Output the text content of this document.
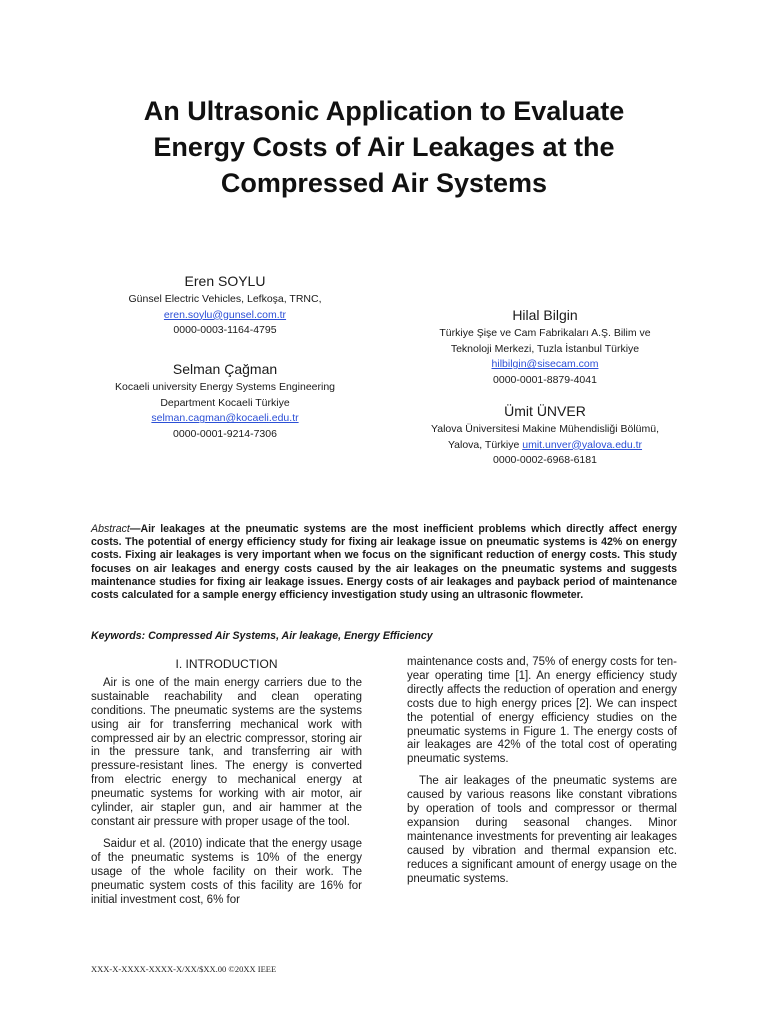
An Ultrasonic Application to Evaluate
Energy Costs of Air Leakages at the
Compressed Air Systems
Eren SOYLU
Günsel Electric Vehicles, Lefkoşa, TRNC,
eren.soylu@gunsel.com.tr
0000-0003-1164-4795
Selman Çağman
Kocaeli university Energy Systems Engineering
Department Kocaeli Türkiye
selman.cagman@kocaeli.edu.tr
0000-0001-9214-7306
Hilal Bilgin
Türkiye Şişe ve Cam Fabrikaları A.Ş. Bilim ve
Teknoloji Merkezi, Tuzla İstanbul Türkiye
hilbilgin@sisecam.com
0000-0001-8879-4041
Ümit ÜNVER
Yalova Üniversitesi Makine Mühendisliği Bölümü,
Yalova, Türkiye umit.unver@yalova.edu.tr
0000-0002-6968-6181

Abstract—Air leakages at the pneumatic systems are the most inefficient problems which directly affect energy costs. The potential of energy efficiency study for fixing air leakage issue on pneumatic systems is 42% on energy costs. Fixing air leakages is very important when we focus on the significant reduction of energy costs. This study focuses on air leakages and energy costs caused by the air leakages on the pneumatic systems and suggests maintenance studies for fixing air leakage issues. Energy costs of air leakages and payback period of maintenance costs calculated for a sample energy efficiency investigation study using an ultrasonic flowmeter.

Keywords: Compressed Air Systems, Air leakage, Energy Efficiency

I. INTRODUCTION

Air is one of the main energy carriers due to the sustainable reachability and clean operating conditions. The pneumatic systems are the systems using air for transferring mechanical work with compressed air by an electric compressor, storing air in the pressure tank, and transferring air with pressure-resistant lines. The energy is converted from electric energy to mechanical energy at pneumatic systems for working with air motor, air cylinder, air stapler gun, and air hammer at the constant air pressure with proper usage of the tool.

Saidur et al. (2010) indicate that the energy usage of the pneumatic systems is 10% of the energy usage of the whole facility on their work. The pneumatic system costs of this facility are 16% for initial investment cost, 6% for

maintenance costs and, 75% of energy costs for ten-year operating time [1]. An energy efficiency study directly affects the reduction of operation and energy costs due to high energy prices [2]. We can inspect the potential of energy efficiency studies on the pneumatic systems in Figure 1. The energy costs of air leakages are 42% of the total cost of operating pneumatic systems.

The air leakages of the pneumatic systems are caused by various reasons like constant vibrations by operation of tools and compressor or thermal expansion during seasonal changes. Minor maintenance investments for preventing air leakages caused by vibration and thermal expansion etc. reduces a significant amount of energy usage on the pneumatic systems.

XXX-X-XXXX-XXXX-X/XX/$XX.00 ©20XX IEEE
